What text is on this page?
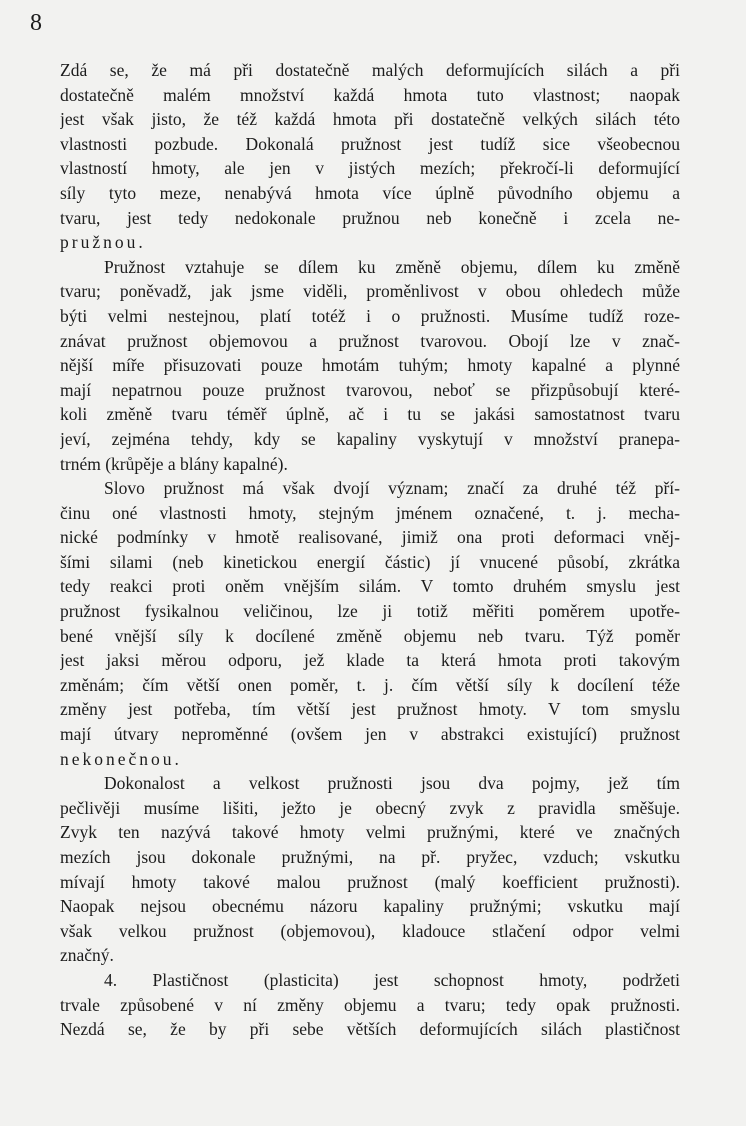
8
Zdá se, že má při dostatečně malých deformujících silách a při
dostatečně malém množství každá hmota tuto vlastnost; naopak
jest však jisto, že též každá hmota při dostatečně velkých silách této
vlastnosti pozbude. Dokonalá pružnost jest tudíž sice všeobecnou
vlastností hmoty, ale jen v jistých mezích; překročí-li deformující
síly tyto meze, nenabývá hmota více úplně původního objemu a
tvaru, jest tedy nedokonale pružnou neb konečně i zcela ne-
pružnou.
Pružnost vztahuje se dílem ku změně objemu, dílem ku změně
tvaru; poněvadž, jak jsme viděli, proměnlivost v obou ohledech může
býti velmi nestejnou, platí totéž i o pružnosti. Musíme tudíž roze-
znávat pružnost objemovou a pružnost tvarovou. Obojí lze v znač-
nější míře přisuzovati pouze hmotám tuhým; hmoty kapalné a plynné
mají nepatrnou pouze pružnost tvarovou, neboť se přizpůsobují které-
koli změně tvaru téměř úplně, ač i tu se jakási samostatnost tvaru
jeví, zejména tehdy, kdy se kapaliny vyskytují v množství pranepa-
trném (krůpěje a blány kapalné).
Slovo pružnost má však dvojí význam; značí za druhé též pří-
činu oné vlastnosti hmoty, stejným jménem označené, t. j. mecha-
nické podmínky v hmotě realisované, jimiž ona proti deformaci vněj-
šími silami (neb kinetickou energií částic) jí vnucené působí, zkrátka
tedy reakci proti oněm vnějším silám. V tomto druhém smyslu jest
pružnost fysikalnou veličinou, lze ji totiž měřiti poměrem upotře-
bené vnější síly k docílené změně objemu neb tvaru. Týž poměr
jest jaksi měrou odporu, jež klade ta která hmota proti takovým
změnám; čím větší onen poměr, t. j. čím větší síly k docílení téže
změny jest potřeba, tím větší jest pružnost hmoty. V tom smyslu
mají útvary neproměnné (ovšem jen v abstrakci existující) pružnost
nekonečnou.
Dokonalost a velkost pružnosti jsou dva pojmy, jež tím
pečlivěji musíme lišiti, ježto je obecný zvyk z pravidla směšuje.
Zvyk ten nazývá takové hmoty velmi pružnými, které ve značných
mezích jsou dokonale pružnými, na př. pryžec, vzduch; vskutku
mívají hmoty takové malou pružnost (malý koefficient pružnosti).
Naopak nejsou obecnému názoru kapaliny pružnými; vskutku mají
však velkou pružnost (objemovou), kladouce stlačení odpor velmi
značný.
4. Plastičnost (plasticita) jest schopnost hmoty, podržeti
trvale způsobené v ní změny objemu a tvaru; tedy opak pružnosti.
Nezdá se, že by při sebe větších deformujících silách plastičnost
